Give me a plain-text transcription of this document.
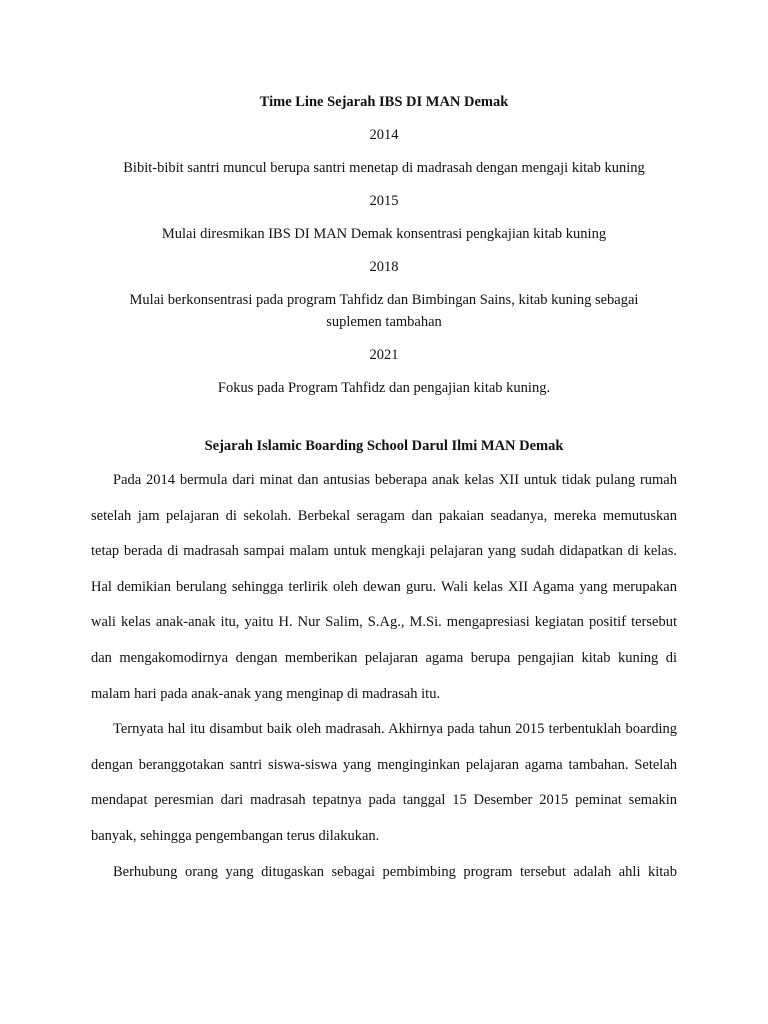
Time Line Sejarah IBS DI MAN Demak
2014
Bibit-bibit santri muncul berupa santri menetap di madrasah dengan mengaji kitab kuning
2015
Mulai diresmikan IBS DI MAN Demak konsentrasi pengkajian kitab kuning
2018
Mulai berkonsentrasi pada program Tahfidz dan Bimbingan Sains, kitab kuning sebagai suplemen tambahan
2021
Fokus pada Program Tahfidz dan pengajian kitab kuning.
Sejarah Islamic Boarding School Darul Ilmi MAN Demak

Pada 2014 bermula dari minat dan antusias beberapa anak kelas XII untuk tidak pulang rumah setelah jam pelajaran di sekolah. Berbekal seragam dan pakaian seadanya, mereka memutuskan tetap berada di madrasah sampai malam untuk mengkaji pelajaran yang sudah didapatkan di kelas. Hal demikian berulang sehingga terlirik oleh dewan guru. Wali kelas XII Agama yang merupakan wali kelas anak-anak itu, yaitu H. Nur Salim, S.Ag., M.Si. mengapresiasi kegiatan positif tersebut dan mengakomodirnya dengan memberikan pelajaran agama berupa pengajian kitab kuning di malam hari pada anak-anak yang menginap di madrasah itu.

Ternyata hal itu disambut baik oleh madrasah. Akhirnya pada tahun 2015 terbentuklah boarding dengan beranggotakan santri siswa-siswa yang menginginkan pelajaran agama tambahan. Setelah mendapat peresmian dari madrasah tepatnya pada tanggal 15 Desember 2015 peminat semakin banyak, sehingga pengembangan terus dilakukan.

Berhubung orang yang ditugaskan sebagai pembimbing program tersebut adalah ahli kitab
